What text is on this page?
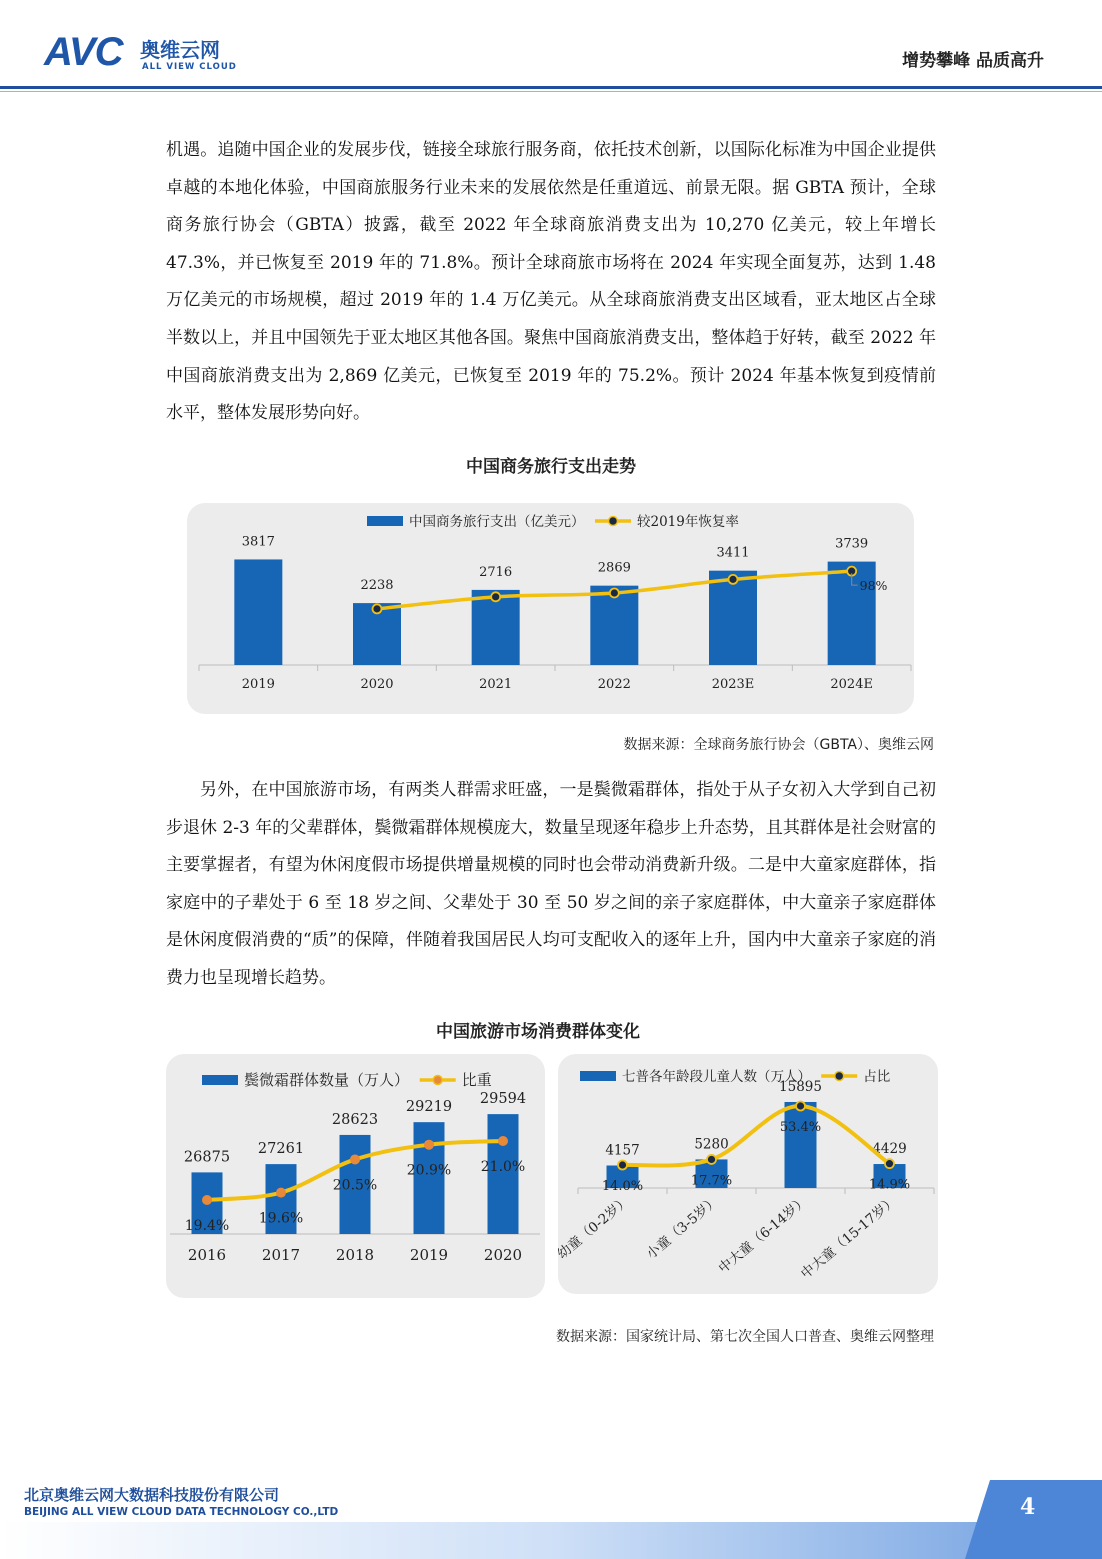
AVC 奥维云网
ALL VIEW CLOUD	增势攀峰 品质高升

机遇。追随中国企业的发展步伐，链接全球旅行服务商，依托技术创新，以国际化标准为中国企业提供卓越的本地化体验，中国商旅服务行业未来的发展依然是任重道远、前景无限。据 GBTA 预计，全球商务旅行协会（GBTA）披露，截至 2022 年全球商旅消费支出为 10,270 亿美元，较上年增长 47.3%，并已恢复至 2019 年的 71.8%。预计全球商旅市场将在 2024 年实现全面复苏，达到 1.48 万亿美元的市场规模，超过 2019 年的 1.4 万亿美元。从全球商旅消费支出区域看，亚太地区占全球半数以上，并且中国领先于亚太地区其他各国。聚焦中国商旅消费支出，整体趋于好转，截至 2022 年中国商旅消费支出为 2,869 亿美元，已恢复至 2019 年的 75.2%。预计 2024 年基本恢复到疫情前水平，整体发展形势向好。

中国商务旅行支出走势
中国商务旅行支出（亿美元）	较2019年恢复率
3817
2019
2238
2020
2716
2021
2869
2022
3411
2023E
3739
2024E
98%
数据来源：全球商务旅行协会（GBTA）、奥维云网

另外，在中国旅游市场，有两类人群需求旺盛，一是鬓微霜群体，指处于从子女初入大学到自己初步退休 2-3 年的父辈群体，鬓微霜群体规模庞大，数量呈现逐年稳步上升态势，且其群体是社会财富的主要掌握者，有望为休闲度假市场提供增量规模的同时也会带动消费新升级。二是中大童家庭群体，指家庭中的子辈处于 6 至 18 岁之间、父辈处于 30 至 50 岁之间的亲子家庭群体，中大童亲子家庭群体是休闲度假消费的“质”的保障，伴随着我国居民人均可支配收入的逐年上升，国内中大童亲子家庭的消费力也呈现增长趋势。

中国旅游市场消费群体变化
鬓微霜群体数量（万人）	比重
26875
2016
27261
2017
28623
2018
29219
2019
29594
2020
19.4% 19.6%
20.5%
20.9% 21.0%
七普各年龄段儿童人数（万人）	占比
4157
幼童（0-2岁）
5280
小童（3-5岁）
15895
中大童（6-14岁）
4429
中大童（15-17岁）
14.0%	17.7%
53.4%
14.9%
数据来源：国家统计局、第七次全国人口普查、奥维云网整理
北京奥维云网大数据科技股份有限公司
BEIJING ALL VIEW CLOUD DATA TECHNOLOGY CO.,LTD	4
